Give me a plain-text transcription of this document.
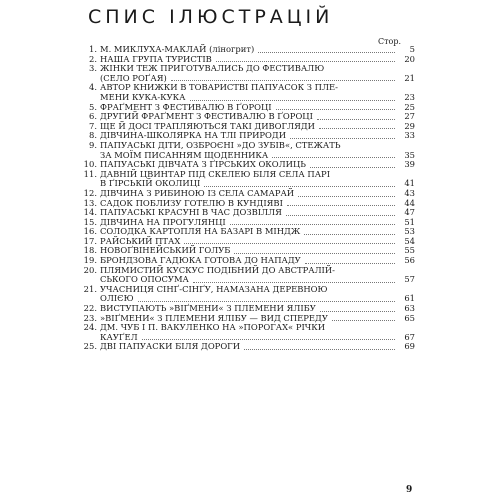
СПИС ІЛЮСТРАЦІЙ
Стор.
1. М. МИКЛУХА-МАКЛАЙ (ліногрит)	5
2. НАША ГРУПА ТУРИСТІВ	20
3. ЖІНКИ ТЕЖ ПРИГОТУВАЛИСЬ ДО ФЕСТИВАЛЮ
(СЕЛО РОҐАЯ)	21
4. АВТОР КНИЖКИ В ТОВАРИСТВІ ПАПУАСОК З ПЛЕ-
МЕНИ КУКА-КУКА	23
5. ФРАҐМЕНТ З ФЕСТИВАЛЮ В ҐОРОЦІ	25
6. ДРУГИЙ ФРАҐМЕНТ З ФЕСТИВАЛЮ В ҐОРОЦІ	27
7. ЩЕ Й ДОСІ ТРАПЛЯЮТЬСЯ ТАКІ ДИВОГЛЯДИ	29
8. ДІВЧИНА-ШКОЛЯРКА НА ТЛІ ПРИРОДИ	33
9. ПАПУАСЬКІ ДІТИ, ОЗБРОЄНІ »ДО ЗУБІВ«, СТЕЖАТЬ
ЗА МОЇМ ПИСАННЯМ ЩОДЕННИКА	35
10. ПАПУАСЬКІ ДІВЧАТА З ҐІРСЬКИХ ОКОЛИЦЬ	39
11. ДАВНІЙ ЦВИНТАР ПІД СКЕЛЕЮ БІЛЯ СЕЛА ПАРІ
В ҐІРСЬКІЙ ОКОЛИЦІ	41
12. ДІВЧИНА З РИБИНОЮ ІЗ СЕЛА САМАРАЙ	43
13. САДОК ПОБЛИЗУ ГОТЕЛЮ В КУНДІЯВІ	44
14. ПАПУАСЬКІ КРАСУНІ В ЧАС ДОЗВІЛЛЯ	47
15. ДІВЧИНА НА ПРОГУЛЯНЦІ	51
16. СОЛОДКА КАРТОПЛЯ НА БАЗАРІ В МІНДЖ	53
17. РАЙСЬКИЙ ПТАХ	54
18. НОВОҐВІНЕЙСЬКИЙ ГОЛУБ	55
19. БРОНДЗОВА ГАДЮКА ГОТОВА ДО НАПАДУ	56
20. ПЛЯМИСТИЙ КУСКУС ПОДІБНИЙ ДО АВСТРАЛІЙ-
СЬКОГО ОПОСУМА	57
21. УЧАСНИЦЯ СІНҐ-СІНҐУ, НАМАЗАНА ДЕРЕВНОЮ
ОЛІЄЮ	61
22. ВИСТУПАЮТЬ »ВІҐМЕНИ« З ПЛЕМЕНИ ЯЛІБУ	63
23. »ВІҐМЕНИ« З ПЛЕМЕНИ ЯЛІБУ — ВИД СПЕРЕДУ	65
24. ДМ. ЧУБ І П. ВАКУЛЕНКО НА »ПОРОГАХ« РІЧКИ
КАУҐЕЛ	67
25. ДВІ ПАПУАСКИ БІЛЯ ДОРОГИ	69
9
